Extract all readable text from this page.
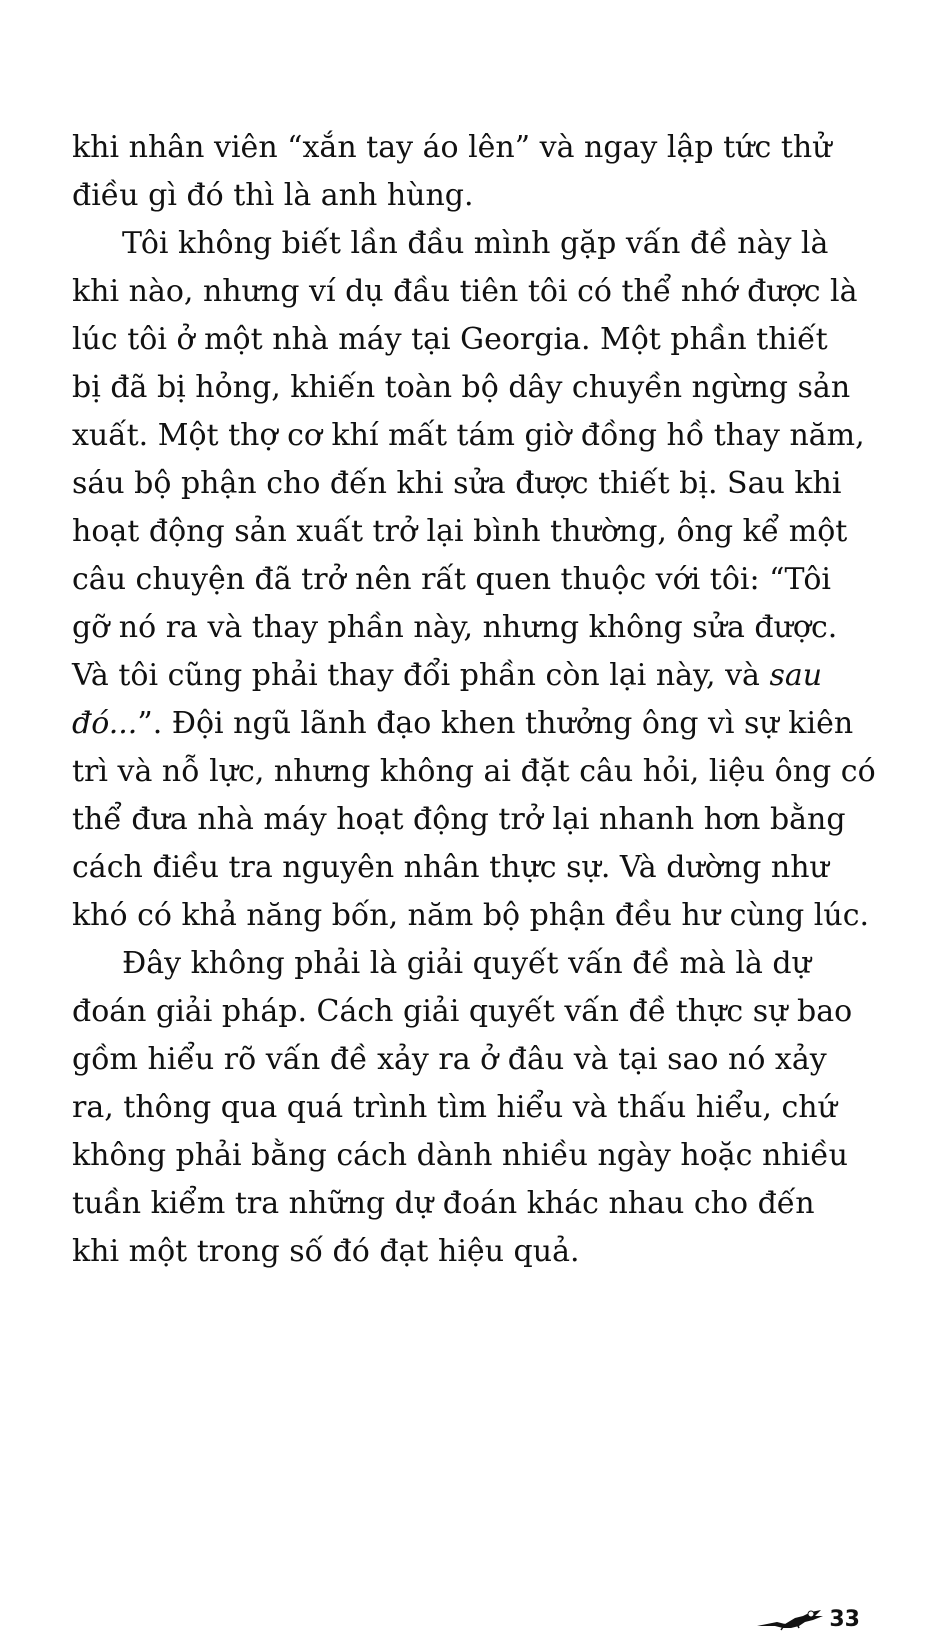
khi nhân viên “xắn tay áo lên” và ngay lập tức thử
điều gì đó thì là anh hùng.
Tôi không biết lần đầu mình gặp vấn đề này là
khi nào, nhưng ví dụ đầu tiên tôi có thể nhớ được là
lúc tôi ở một nhà máy tại Georgia. Một phần thiết
bị đã bị hỏng, khiến toàn bộ dây chuyền ngừng sản
xuất. Một thợ cơ khí mất tám giờ đồng hồ thay năm,
sáu bộ phận cho đến khi sửa được thiết bị. Sau khi
hoạt động sản xuất trở lại bình thường, ông kể một
câu chuyện đã trở nên rất quen thuộc với tôi: “Tôi
gỡ nó ra và thay phần này, nhưng không sửa được.
Và tôi cũng phải thay đổi phần còn lại này, và sau
đó...”. Đội ngũ lãnh đạo khen thưởng ông vì sự kiên
trì và nỗ lực, nhưng không ai đặt câu hỏi, liệu ông có
thể đưa nhà máy hoạt động trở lại nhanh hơn bằng
cách điều tra nguyên nhân thực sự. Và dường như
khó có khả năng bốn, năm bộ phận đều hư cùng lúc.
Đây không phải là giải quyết vấn đề mà là dự
đoán giải pháp. Cách giải quyết vấn đề thực sự bao
gồm hiểu rõ vấn đề xảy ra ở đâu và tại sao nó xảy
ra, thông qua quá trình tìm hiểu và thấu hiểu, chứ
không phải bằng cách dành nhiều ngày hoặc nhiều
tuần kiểm tra những dự đoán khác nhau cho đến
khi một trong số đó đạt hiệu quả.
33
